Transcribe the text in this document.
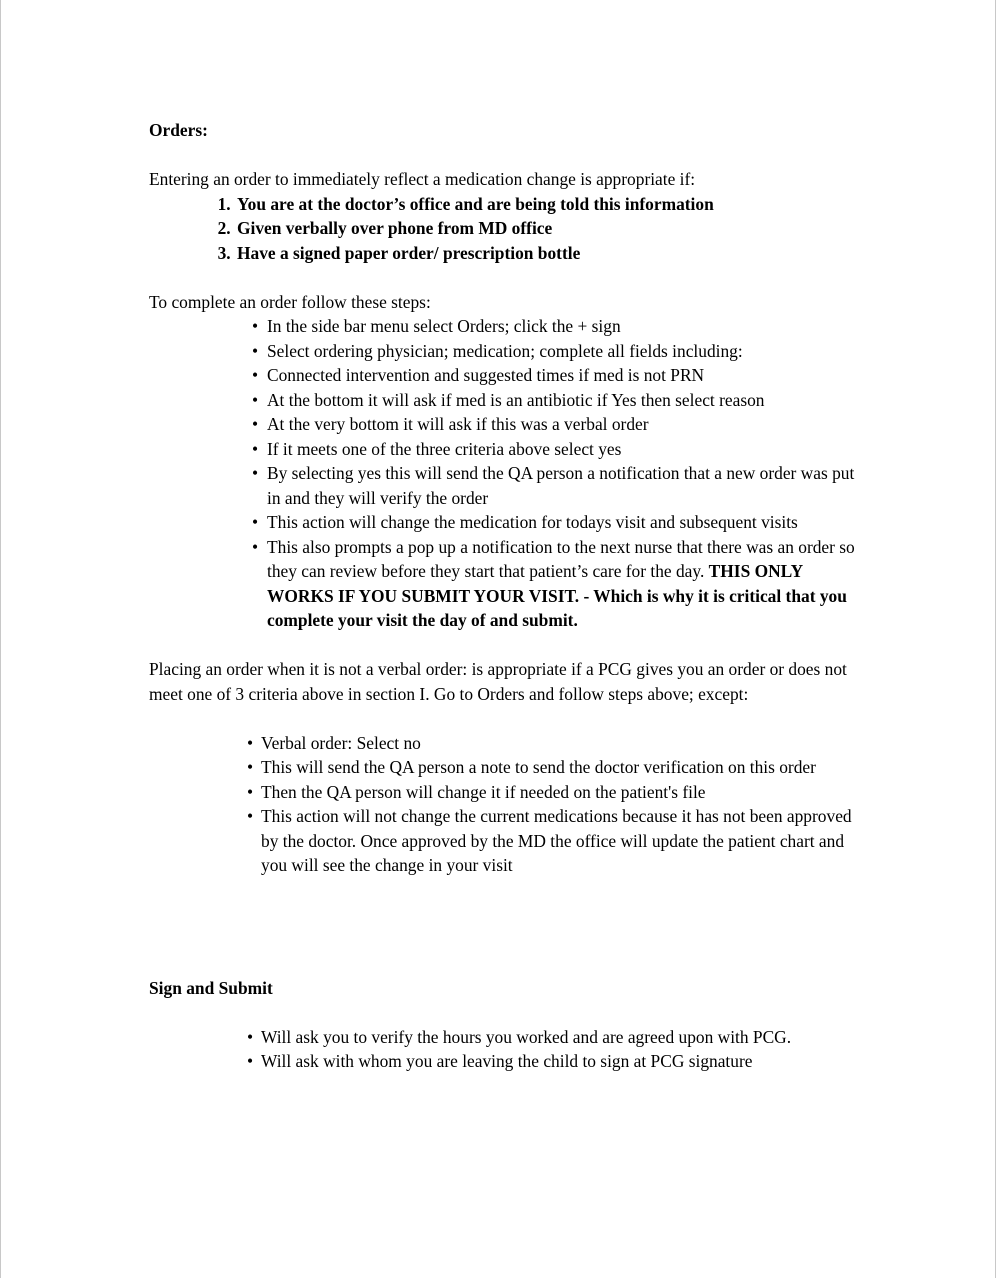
Orders:

Entering an order to immediately reflect a medication change is appropriate if:

1. You are at the doctor’s office and are being told this information
2. Given verbally over phone from MD office
3. Have a signed paper order/ prescription bottle

To complete an order follow these steps:

• In the side bar menu select Orders; click the + sign
• Select ordering physician; medication; complete all fields including:
• Connected intervention and suggested times if med is not PRN
• At the bottom it will ask if med is an antibiotic if Yes then select reason
• At the very bottom it will ask if this was a verbal order
• If it meets one of the three criteria above select yes
• By selecting yes this will send the QA person a notification that a new order was put in and they will verify the order
• This action will change the medication for todays visit and subsequent visits
• This also prompts a pop up a notification to the next nurse that there was an order so they can review before they start that patient’s care for the day. THIS ONLY WORKS IF YOU SUBMIT YOUR VISIT. - Which is why it is critical that you complete your visit the day of and submit.

Placing an order when it is not a verbal order: is appropriate if a PCG gives you an order or does not meet one of 3 criteria above in section I. Go to Orders and follow steps above; except:

• Verbal order: Select no
• This will send the QA person a note to send the doctor verification on this order
• Then the QA person will change it if needed on the patient's file
• This action will not change the current medications because it has not been approved by the doctor. Once approved by the MD the office will update the patient chart and you will see the change in your visit

Sign and Submit

• Will ask you to verify the hours you worked and are agreed upon with PCG.
• Will ask with whom you are leaving the child to sign at PCG signature
